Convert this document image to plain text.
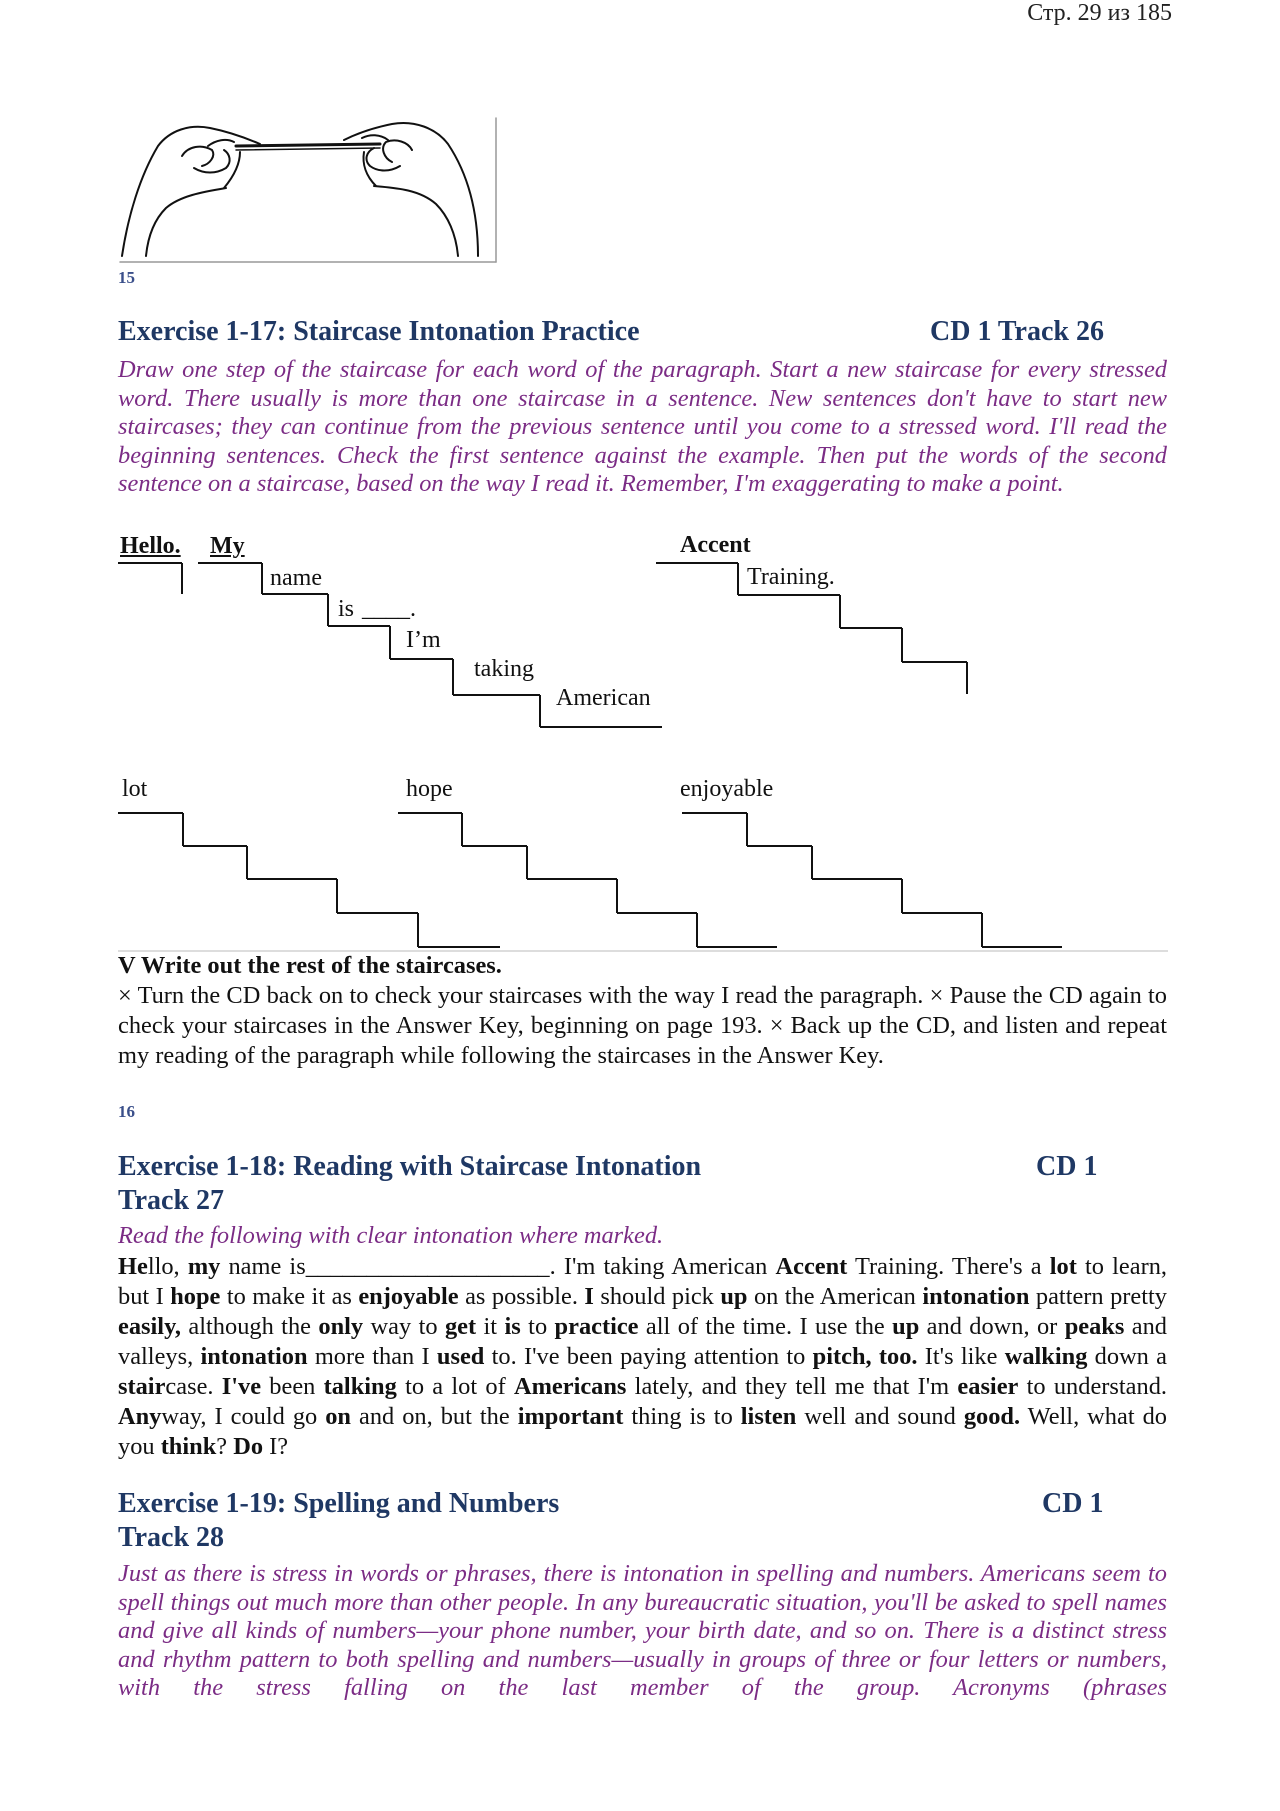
Стр. 29 из 185
15
Exercise 1-17: Staircase Intonation Practice	CD 1 Track 26
Draw one step of the staircase for each word of the paragraph. Start a new staircase for every stressed word. There usually is more than one staircase in a sentence. New sentences don't have to start new staircases; they can continue from the previous sentence until you come to a stressed word. I'll read the beginning sentences. Check the first sentence against the example. Then put the words of the second sentence on a staircase, based on the way I read it. Remember, I'm exaggerating to make a point.
Hello. My
name
is ____.
I’m
taking
American
Accent
Training.
lot	hope	enjoyable
V Write out the rest of the staircases.
× Turn the CD back on to check your staircases with the way I read the paragraph. × Pause the CD again to check your staircases in the Answer Key, beginning on page 193. × Back up the CD, and listen and repeat my reading of the paragraph while following the staircases in the Answer Key.
16
Exercise 1-18: Reading with Staircase Intonation	CD 1
Track 27
Read the following with clear intonation where marked.
Hello, my name is____________________. I'm taking American Accent Training. There's a lot to learn, but I hope to make it as enjoyable as possible. I should pick up on the American intonation pattern pretty easily, although the only way to get it is to practice all of the time. I use the up and down, or peaks and valleys, intonation more than I used to. I've been paying attention to pitch, too. It's like walking down a staircase. I've been talking to a lot of Americans lately, and they tell me that I'm easier to understand. Anyway, I could go on and on, but the important thing is to listen well and sound good. Well, what do you think? Do I?
Exercise 1-19: Spelling and Numbers	CD 1
Track 28
Just as there is stress in words or phrases, there is intonation in spelling and numbers. Americans seem to spell things out much more than other people. In any bureaucratic situation, you'll be asked to spell names and give all kinds of numbers—your phone number, your birth date, and so on. There is a distinct stress and rhythm pattern to both spelling and numbers—usually in groups of three or four letters or numbers, with the stress falling on the last member of the group. Acronyms (phrases
